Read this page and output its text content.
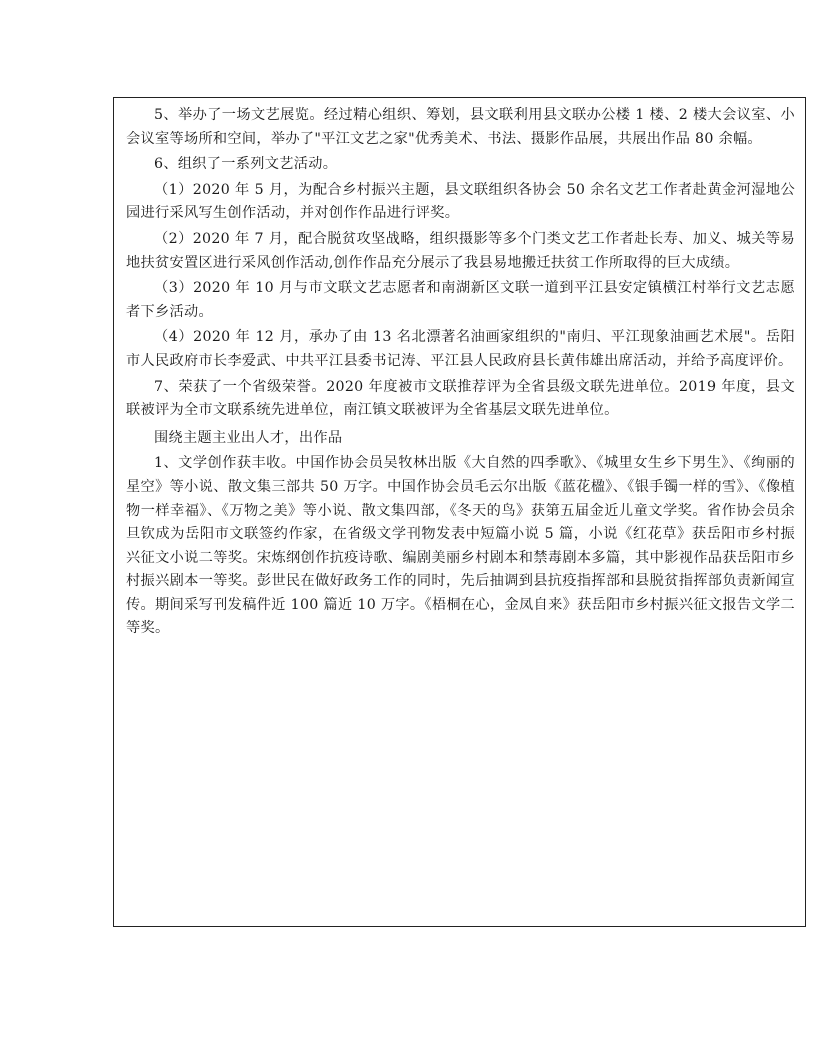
5、举办了一场文艺展览。经过精心组织、筹划，县文联利用县文联办公楼 1 楼、2 楼大会议室、小会议室等场所和空间，举办了"平江文艺之家"优秀美术、书法、摄影作品展，共展出作品 80 余幅。

6、组织了一系列文艺活动。

（1）2020 年 5 月，为配合乡村振兴主题，县文联组织各协会 50 余名文艺工作者赴黄金河湿地公园进行采风写生创作活动，并对创作作品进行评奖。

（2）2020 年 7 月，配合脱贫攻坚战略，组织摄影等多个门类文艺工作者赴长寿、加义、城关等易地扶贫安置区进行采风创作活动,创作作品充分展示了我县易地搬迁扶贫工作所取得的巨大成绩。

（3）2020 年 10 月与市文联文艺志愿者和南湖新区文联一道到平江县安定镇横江村举行文艺志愿者下乡活动。

（4）2020 年 12 月，承办了由 13 名北漂著名油画家组织的"南归、平江现象油画艺术展"。岳阳市人民政府市长李爱武、中共平江县委书记涛、平江县人民政府县长黄伟雄出席活动，并给予高度评价。

7、荣获了一个省级荣誉。2020 年度被市文联推荐评为全省县级文联先进单位。2019 年度，县文联被评为全市文联系统先进单位，南江镇文联被评为全省基层文联先进单位。

围绕主题主业出人才，出作品

1、文学创作获丰收。中国作协会员吴牧林出版《大自然的四季歌》、《城里女生乡下男生》、《绚丽的星空》等小说、散文集三部共 50 万字。中国作协会员毛云尔出版《蓝花楹》、《银手镯一样的雪》、《像植物一样幸福》、《万物之美》等小说、散文集四部，《冬天的鸟》获第五届金近儿童文学奖。省作协会员余旦钦成为岳阳市文联签约作家，在省级文学刊物发表中短篇小说 5 篇，小说《红花草》获岳阳市乡村振兴征文小说二等奖。宋炼纲创作抗疫诗歌、编剧美丽乡村剧本和禁毒剧本多篇，其中影视作品获岳阳市乡村振兴剧本一等奖。彭世民在做好政务工作的同时，先后抽调到县抗疫指挥部和县脱贫指挥部负责新闻宣传。期间采写刊发稿件近 100 篇近 10 万字。《梧桐在心，金凤自来》获岳阳市乡村振兴征文报告文学二等奖。
